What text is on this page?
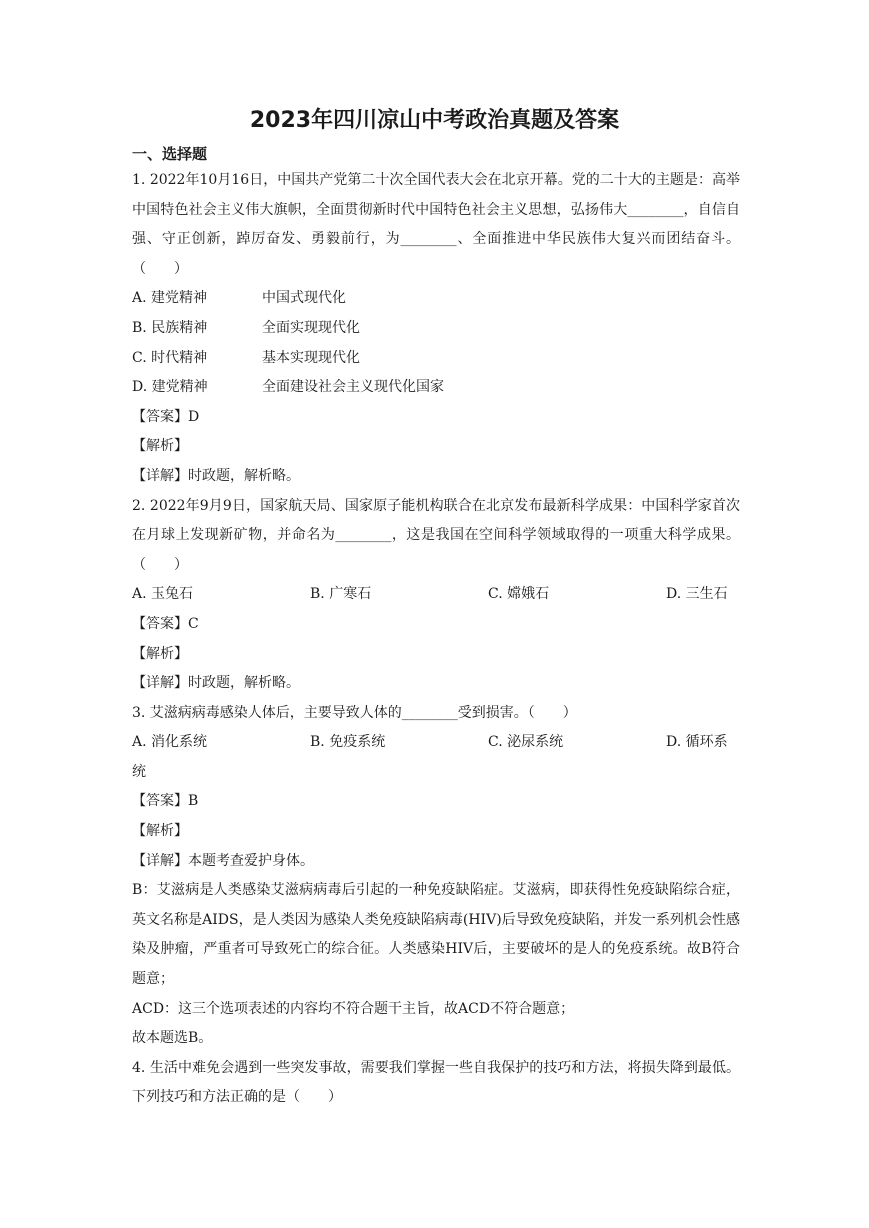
2023年四川凉山中考政治真题及答案
一、选择题

1. 2022年10月16日，中国共产党第二十次全国代表大会在北京开幕。党的二十大的主题是：高举中国特色社会主义伟大旗帜，全面贯彻新时代中国特色社会主义思想，弘扬伟大________，自信自强、守正创新，踔厉奋发、勇毅前行，为________、全面推进中华民族伟大复兴而团结奋斗。（　　）

A. 建党精神	中国式现代化
B. 民族精神	全面实现现代化
C. 时代精神	基本实现现代化
D. 建党精神	全面建设社会主义现代化国家

【答案】D

【解析】

【详解】时政题，解析略。

2. 2022年9月9日，国家航天局、国家原子能机构联合在北京发布最新科学成果：中国科学家首次在月球上发现新矿物，并命名为________，这是我国在空间科学领域取得的一项重大科学成果。（　　）

A. 玉兔石	B. 广寒石	C. 嫦娥石	D. 三生石

【答案】C

【解析】

【详解】时政题，解析略。

3. 艾滋病病毒感染人体后，主要导致人体的________受到损害。（　　）

A. 消化系统	B. 免疫系统	C. 泌尿系统	D. 循环系

统

【答案】B

【解析】

【详解】本题考查爱护身体。

B：艾滋病是人类感染艾滋病病毒后引起的一种免疫缺陷症。艾滋病，即获得性免疫缺陷综合症，英文名称是AIDS，是人类因为感染人类免疫缺陷病毒(HIV)后导致免疫缺陷，并发一系列机会性感染及肿瘤，严重者可导致死亡的综合征。人类感染HIV后，主要破坏的是人的免疫系统。故B符合题意；

ACD：这三个选项表述的内容均不符合题干主旨，故ACD不符合题意；

故本题选B。

4. 生活中难免会遇到一些突发事故，需要我们掌握一些自我保护的技巧和方法，将损失降到最低。下列技巧和方法正确的是（　　）
